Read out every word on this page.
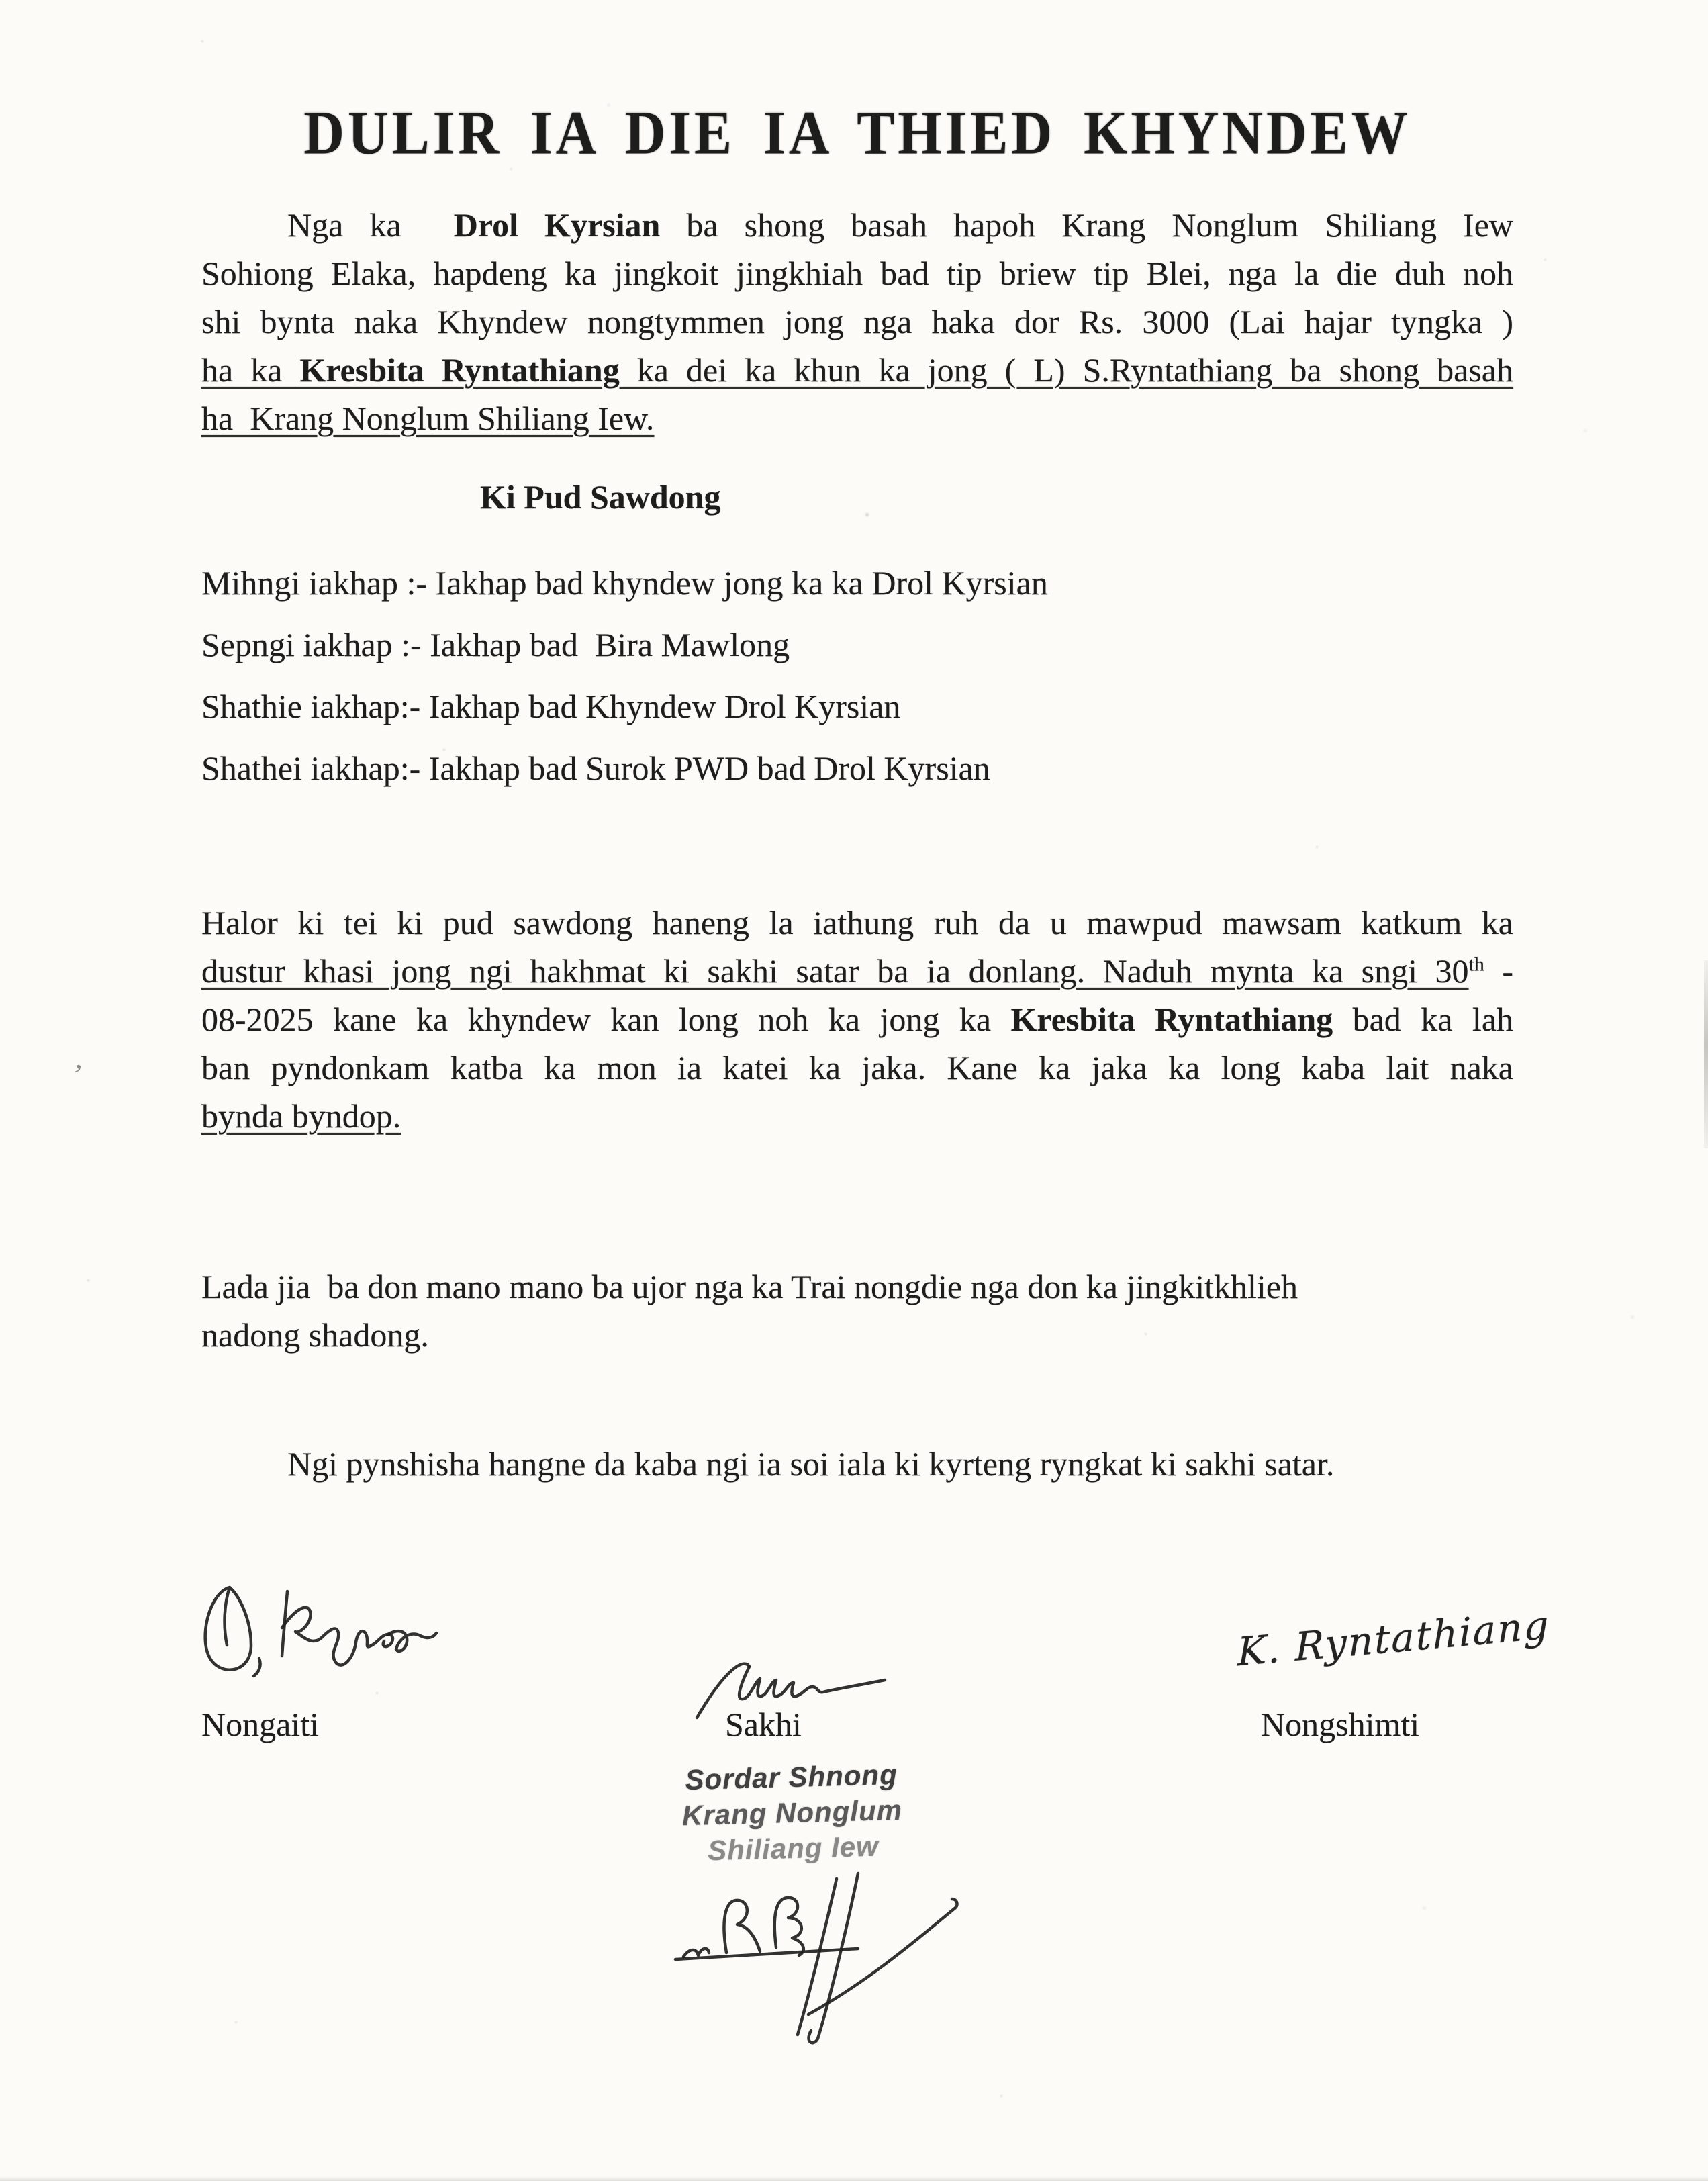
DULIR IA DIE IA THIED KHYNDEW
Nga ka  Drol Kyrsian ba shong basah hapoh Krang Nonglum Shiliang Iew
Sohiong Elaka, hapdeng ka jingkoit jingkhiah bad tip briew tip Blei, nga la die duh noh
shi bynta naka Khyndew nongtymmen jong nga haka dor Rs. 3000 (Lai hajar tyngka )
ha ka Kresbita Ryntathiang ka dei ka khun ka jong ( L) S.Ryntathiang ba shong basah
ha  Krang Nonglum Shiliang Iew.
Ki Pud Sawdong
Mihngi iakhap :- Iakhap bad khyndew jong ka ka Drol Kyrsian
Sepngi iakhap :- Iakhap bad  Bira Mawlong
Shathie iakhap:- Iakhap bad Khyndew Drol Kyrsian
Shathei iakhap:- Iakhap bad Surok PWD bad Drol Kyrsian
Halor ki tei ki pud sawdong haneng la iathung ruh da u mawpud mawsam katkum ka
dustur khasi jong ngi hakhmat ki sakhi satar ba ia donlang. Naduh mynta ka sngi 30th -
08-2025 kane ka khyndew kan long noh ka jong ka Kresbita Ryntathiang bad ka lah
ban pyndonkam katba ka mon ia katei ka jaka. Kane ka jaka ka long kaba lait naka
bynda byndop.
Lada jia  ba don mano mano ba ujor nga ka Trai nongdie nga don ka jingkitkhlieh
nadong shadong.
Ngi pynshisha hangne da kaba ngi ia soi iala ki kyrteng ryngkat ki sakhi satar.
Nongaiti	Sakhi
Sordar Shnong
Krang Nonglum
Shiliang Iew
K. Ryntathiang
Nongshimti
ʼ
